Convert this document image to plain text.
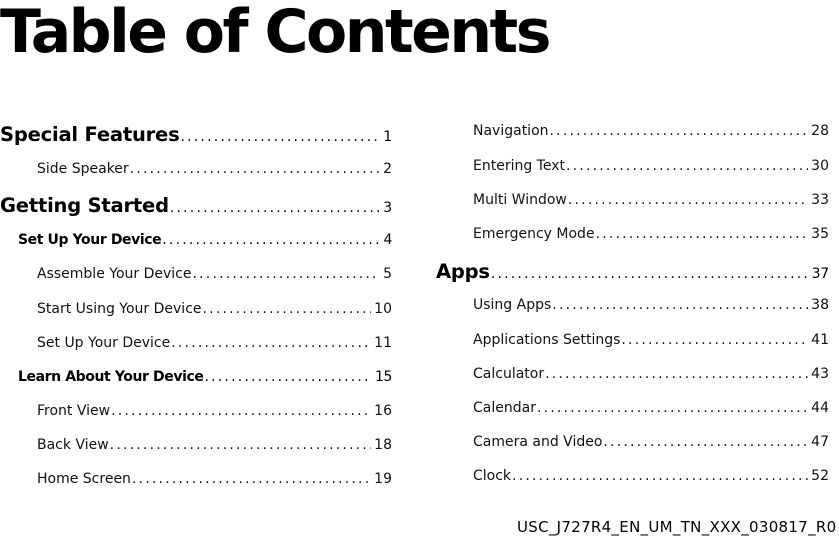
Table of Contents
Special Features .....	1
Side Speaker .....	2
Getting Started .....	3
Set Up Your Device .....	4
Assemble Your Device .....	5
Start Using Your Device .....	10
Set Up Your Device .....	11
Learn About Your Device .....	15
Front View .....	16
Back View .....	18
Home Screen .....	19
Navigation .....	28
Entering Text .....	30
Multi Window .....	33
Emergency Mode .....	35
Apps .....	37
Using Apps .....	38
Applications Settings .....	41
Calculator .....	43
Calendar .....	44
Camera and Video .....	47
Clock .....	52
USC_J727R4_EN_UM_TN_XXX_030817_R0
